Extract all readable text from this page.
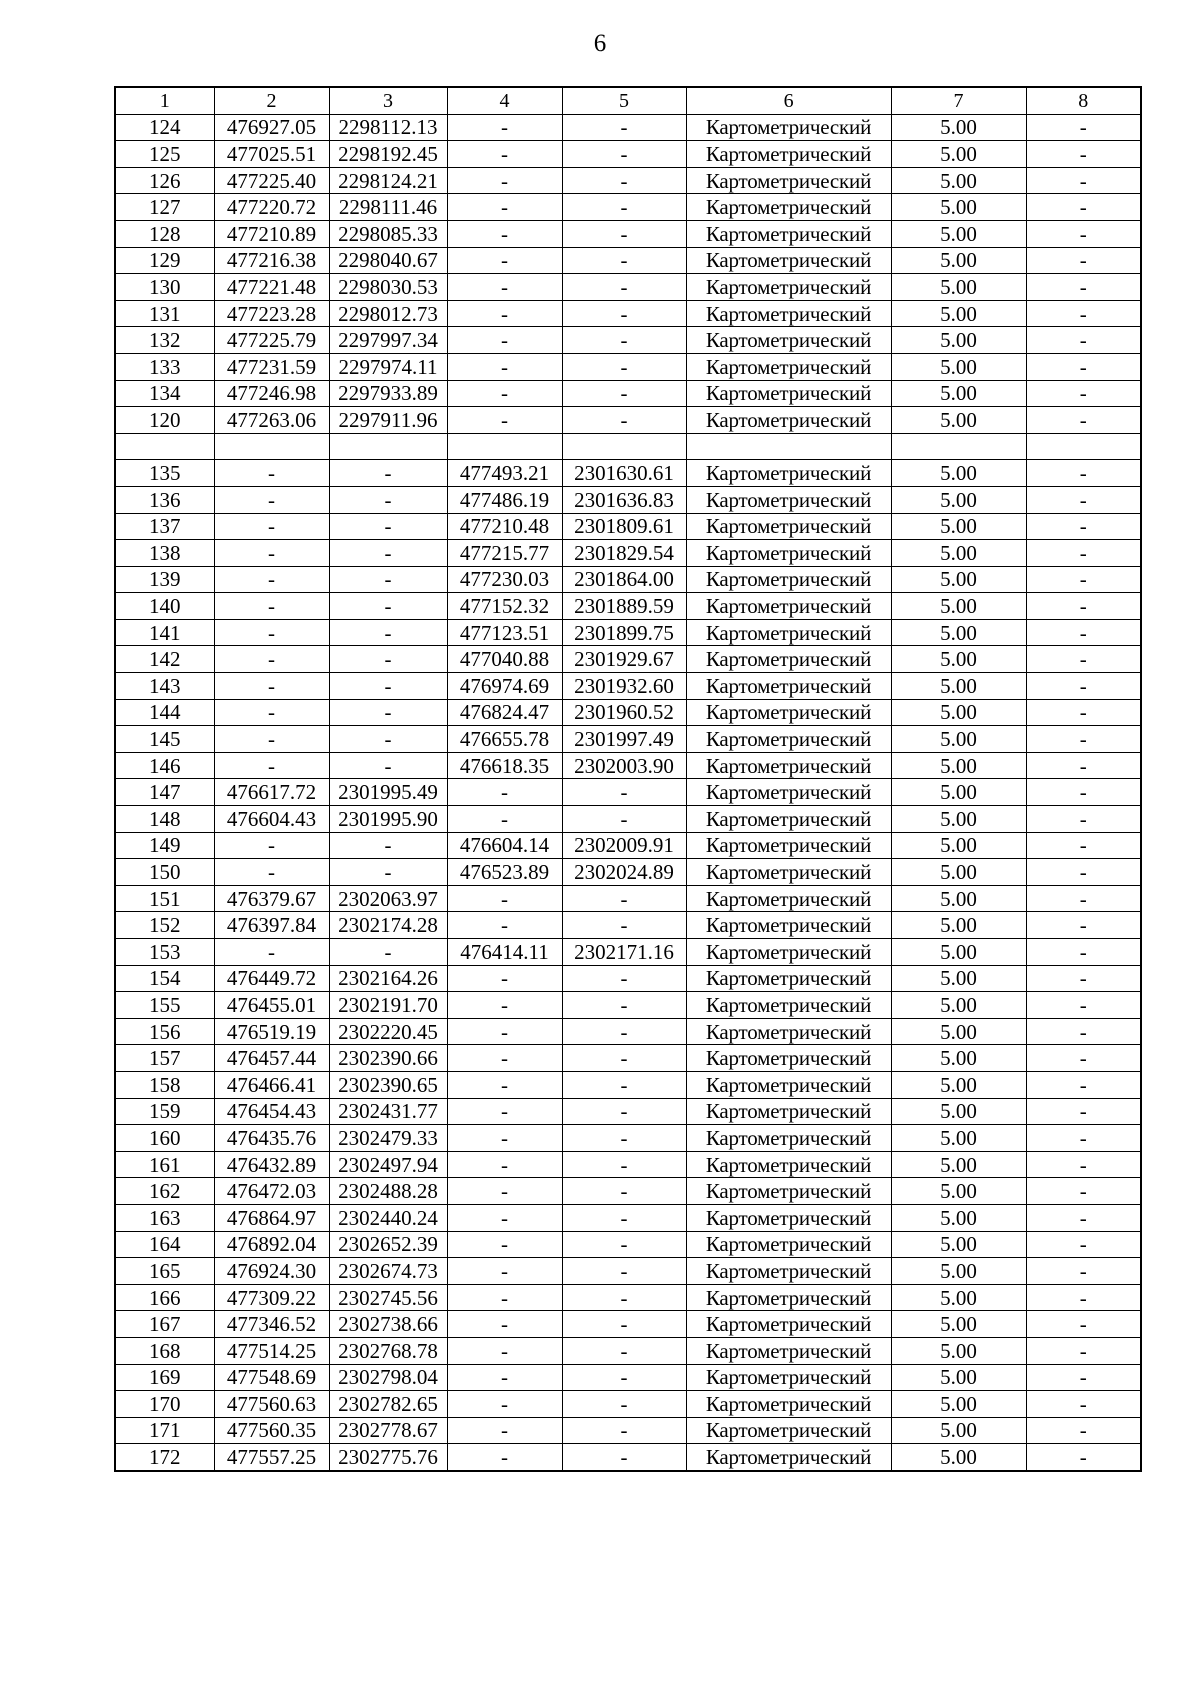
6
1	2	3	4	5	6	7	8
124	476927.05	2298112.13	-	-	Картометрический	5.00	-
125	477025.51	2298192.45	-	-	Картометрический	5.00	-
126	477225.40	2298124.21	-	-	Картометрический	5.00	-
127	477220.72	2298111.46	-	-	Картометрический	5.00	-
128	477210.89	2298085.33	-	-	Картометрический	5.00	-
129	477216.38	2298040.67	-	-	Картометрический	5.00	-
130	477221.48	2298030.53	-	-	Картометрический	5.00	-
131	477223.28	2298012.73	-	-	Картометрический	5.00	-
132	477225.79	2297997.34	-	-	Картометрический	5.00	-
133	477231.59	2297974.11	-	-	Картометрический	5.00	-
134	477246.98	2297933.89	-	-	Картометрический	5.00	-
120	477263.06	2297911.96	-	-	Картометрический	5.00	-

135	-	-	477493.21	2301630.61	Картометрический	5.00	-
136	-	-	477486.19	2301636.83	Картометрический	5.00	-
137	-	-	477210.48	2301809.61	Картометрический	5.00	-
138	-	-	477215.77	2301829.54	Картометрический	5.00	-
139	-	-	477230.03	2301864.00	Картометрический	5.00	-
140	-	-	477152.32	2301889.59	Картометрический	5.00	-
141	-	-	477123.51	2301899.75	Картометрический	5.00	-
142	-	-	477040.88	2301929.67	Картометрический	5.00	-
143	-	-	476974.69	2301932.60	Картометрический	5.00	-
144	-	-	476824.47	2301960.52	Картометрический	5.00	-
145	-	-	476655.78	2301997.49	Картометрический	5.00	-
146	-	-	476618.35	2302003.90	Картометрический	5.00	-
147	476617.72	2301995.49	-	-	Картометрический	5.00	-
148	476604.43	2301995.90	-	-	Картометрический	5.00	-
149	-	-	476604.14	2302009.91	Картометрический	5.00	-
150	-	-	476523.89	2302024.89	Картометрический	5.00	-
151	476379.67	2302063.97	-	-	Картометрический	5.00	-
152	476397.84	2302174.28	-	-	Картометрический	5.00	-
153	-	-	476414.11	2302171.16	Картометрический	5.00	-
154	476449.72	2302164.26	-	-	Картометрический	5.00	-
155	476455.01	2302191.70	-	-	Картометрический	5.00	-
156	476519.19	2302220.45	-	-	Картометрический	5.00	-
157	476457.44	2302390.66	-	-	Картометрический	5.00	-
158	476466.41	2302390.65	-	-	Картометрический	5.00	-
159	476454.43	2302431.77	-	-	Картометрический	5.00	-
160	476435.76	2302479.33	-	-	Картометрический	5.00	-
161	476432.89	2302497.94	-	-	Картометрический	5.00	-
162	476472.03	2302488.28	-	-	Картометрический	5.00	-
163	476864.97	2302440.24	-	-	Картометрический	5.00	-
164	476892.04	2302652.39	-	-	Картометрический	5.00	-
165	476924.30	2302674.73	-	-	Картометрический	5.00	-
166	477309.22	2302745.56	-	-	Картометрический	5.00	-
167	477346.52	2302738.66	-	-	Картометрический	5.00	-
168	477514.25	2302768.78	-	-	Картометрический	5.00	-
169	477548.69	2302798.04	-	-	Картометрический	5.00	-
170	477560.63	2302782.65	-	-	Картометрический	5.00	-
171	477560.35	2302778.67	-	-	Картометрический	5.00	-
172	477557.25	2302775.76	-	-	Картометрический	5.00	-
